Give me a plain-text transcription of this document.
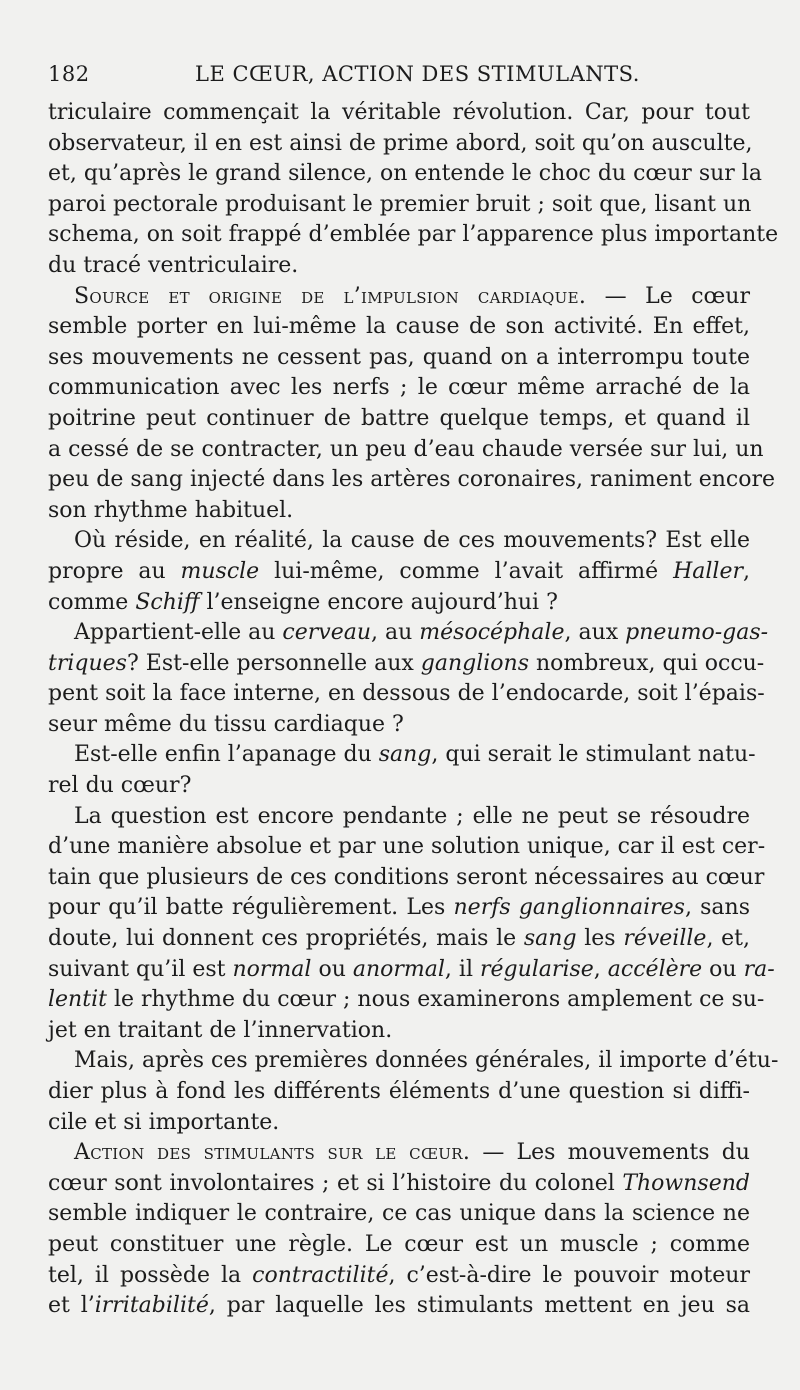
182	LE CŒUR, ACTION DES STIMULANTS.
triculaire commençait la véritable révolution. Car, pour tout
observateur, il en est ainsi de prime abord, soit qu’on ausculte,
et, qu’après le grand silence, on entende le choc du cœur sur la
paroi pectorale produisant le premier bruit ; soit que, lisant un
schema, on soit frappé d’emblée par l’apparence plus importante
du tracé ventriculaire.
Source et origine de l’impulsion cardiaque. — Le cœur
semble porter en lui-même la cause de son activité. En effet,
ses mouvements ne cessent pas, quand on a interrompu toute
communication avec les nerfs ; le cœur même arraché de la
poitrine peut continuer de battre quelque temps, et quand il
a cessé de se contracter, un peu d’eau chaude versée sur lui, un
peu de sang injecté dans les artères coronaires, raniment encore
son rhythme habituel.
Où réside, en réalité, la cause de ces mouvements? Est elle
propre au muscle lui-même, comme l’avait affirmé Haller,
comme Schiff l’enseigne encore aujourd’hui ?
Appartient-elle au cerveau, au mésocéphale, aux pneumo-gas-
triques? Est-elle personnelle aux ganglions nombreux, qui occu-
pent soit la face interne, en dessous de l’endocarde, soit l’épais-
seur même du tissu cardiaque ?
Est-elle enfin l’apanage du sang, qui serait le stimulant natu-
rel du cœur?
La question est encore pendante ; elle ne peut se résoudre
d’une manière absolue et par une solution unique, car il est cer-
tain que plusieurs de ces conditions seront nécessaires au cœur
pour qu’il batte régulièrement. Les nerfs ganglionnaires, sans
doute, lui donnent ces propriétés, mais le sang les réveille, et,
suivant qu’il est normal ou anormal, il régularise, accélère ou ra-
lentit le rhythme du cœur ; nous examinerons amplement ce su-
jet en traitant de l’innervation.
Mais, après ces premières données générales, il importe d’étu-
dier plus à fond les différents éléments d’une question si diffi-
cile et si importante.
Action des stimulants sur le cœur. — Les mouvements du
cœur sont involontaires ; et si l’histoire du colonel Thownsend
semble indiquer le contraire, ce cas unique dans la science ne
peut constituer une règle. Le cœur est un muscle ; comme
tel, il possède la contractilité, c’est-à-dire le pouvoir moteur
et l’irritabilité, par laquelle les stimulants mettent en jeu sa
